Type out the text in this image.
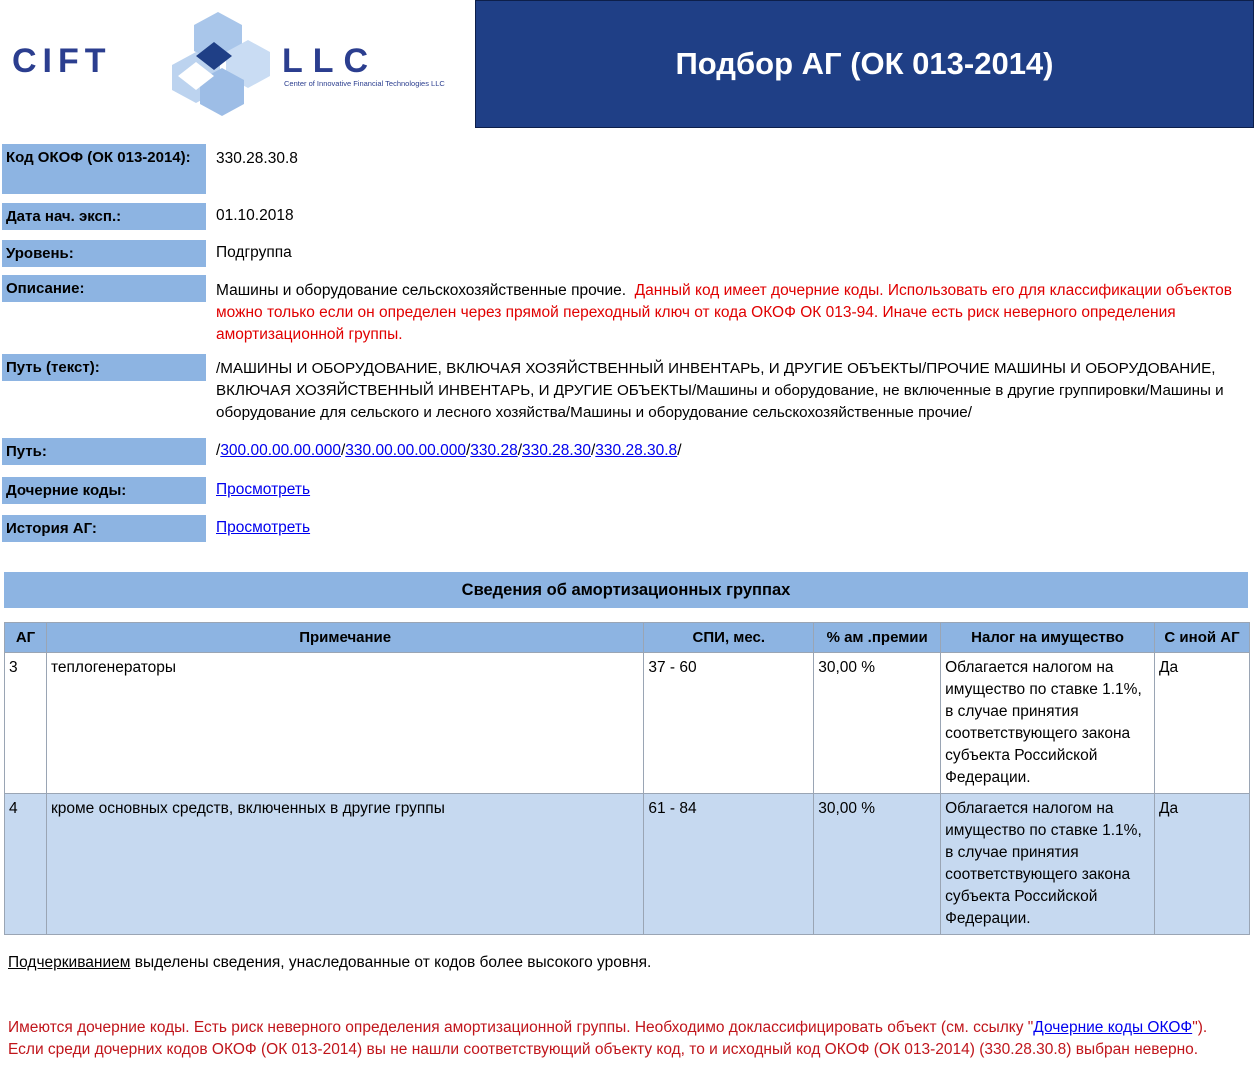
CIFT	LLC
Center of Innovative Financial Technologies LLC
Подбор АГ (ОК 013-2014)
Код ОКОФ (ОК 013-2014):	330.28.30.8
Дата нач. эксп.:	01.10.2018
Уровень:	Подгруппа
Описание:	Машины и оборудование сельскохозяйственные прочие. Данный код имеет дочерние коды. Использовать его для классификации объектов можно только если он определен через прямой переходный ключ от кода ОКОФ ОК 013-94. Иначе есть риск неверного определения амортизационной группы.
Путь (текст):	/МАШИНЫ И ОБОРУДОВАНИЕ, ВКЛЮЧАЯ ХОЗЯЙСТВЕННЫЙ ИНВЕНТАРЬ, И ДРУГИЕ ОБЪЕКТЫ/ПРОЧИЕ МАШИНЫ И ОБОРУДОВАНИЕ, ВКЛЮЧАЯ ХОЗЯЙСТВЕННЫЙ ИНВЕНТАРЬ, И ДРУГИЕ ОБЪЕКТЫ/Машины и оборудование, не включенные в другие группировки/Машины и оборудование для сельского и лесного хозяйства/Машины и оборудование сельскохозяйственные прочие/
Путь:	/300.00.00.00.000/330.00.00.00.000/330.28/330.28.30/330.28.30.8/
Дочерние коды:	Просмотреть
История АГ:	Просмотреть
Сведения об амортизационных группах
АГ	Примечание	СПИ, мес.	% ам .премии	Налог на имущество	С иной АГ
3	теплогенераторы	37 - 60	30,00 %	Облагается налогом на имущество по ставке 1.1%, в случае принятия соответствующего закона субъекта Российской Федерации.	Да
4	кроме основных средств, включенных в другие группы	61 - 84	30,00 %	Облагается налогом на имущество по ставке 1.1%, в случае принятия соответствующего закона субъекта Российской Федерации.	Да
Подчеркиванием выделены сведения, унаследованные от кодов более высокого уровня.
Имеются дочерние коды. Есть риск неверного определения амортизационной группы. Необходимо доклассифицировать объект (см. ссылку "Дочерние коды ОКОФ"). Если среди дочерних кодов ОКОФ (ОК 013-2014) вы не нашли соответствующий объекту код, то и исходный код ОКОФ (ОК 013-2014) (330.28.30.8) выбран неверно.
